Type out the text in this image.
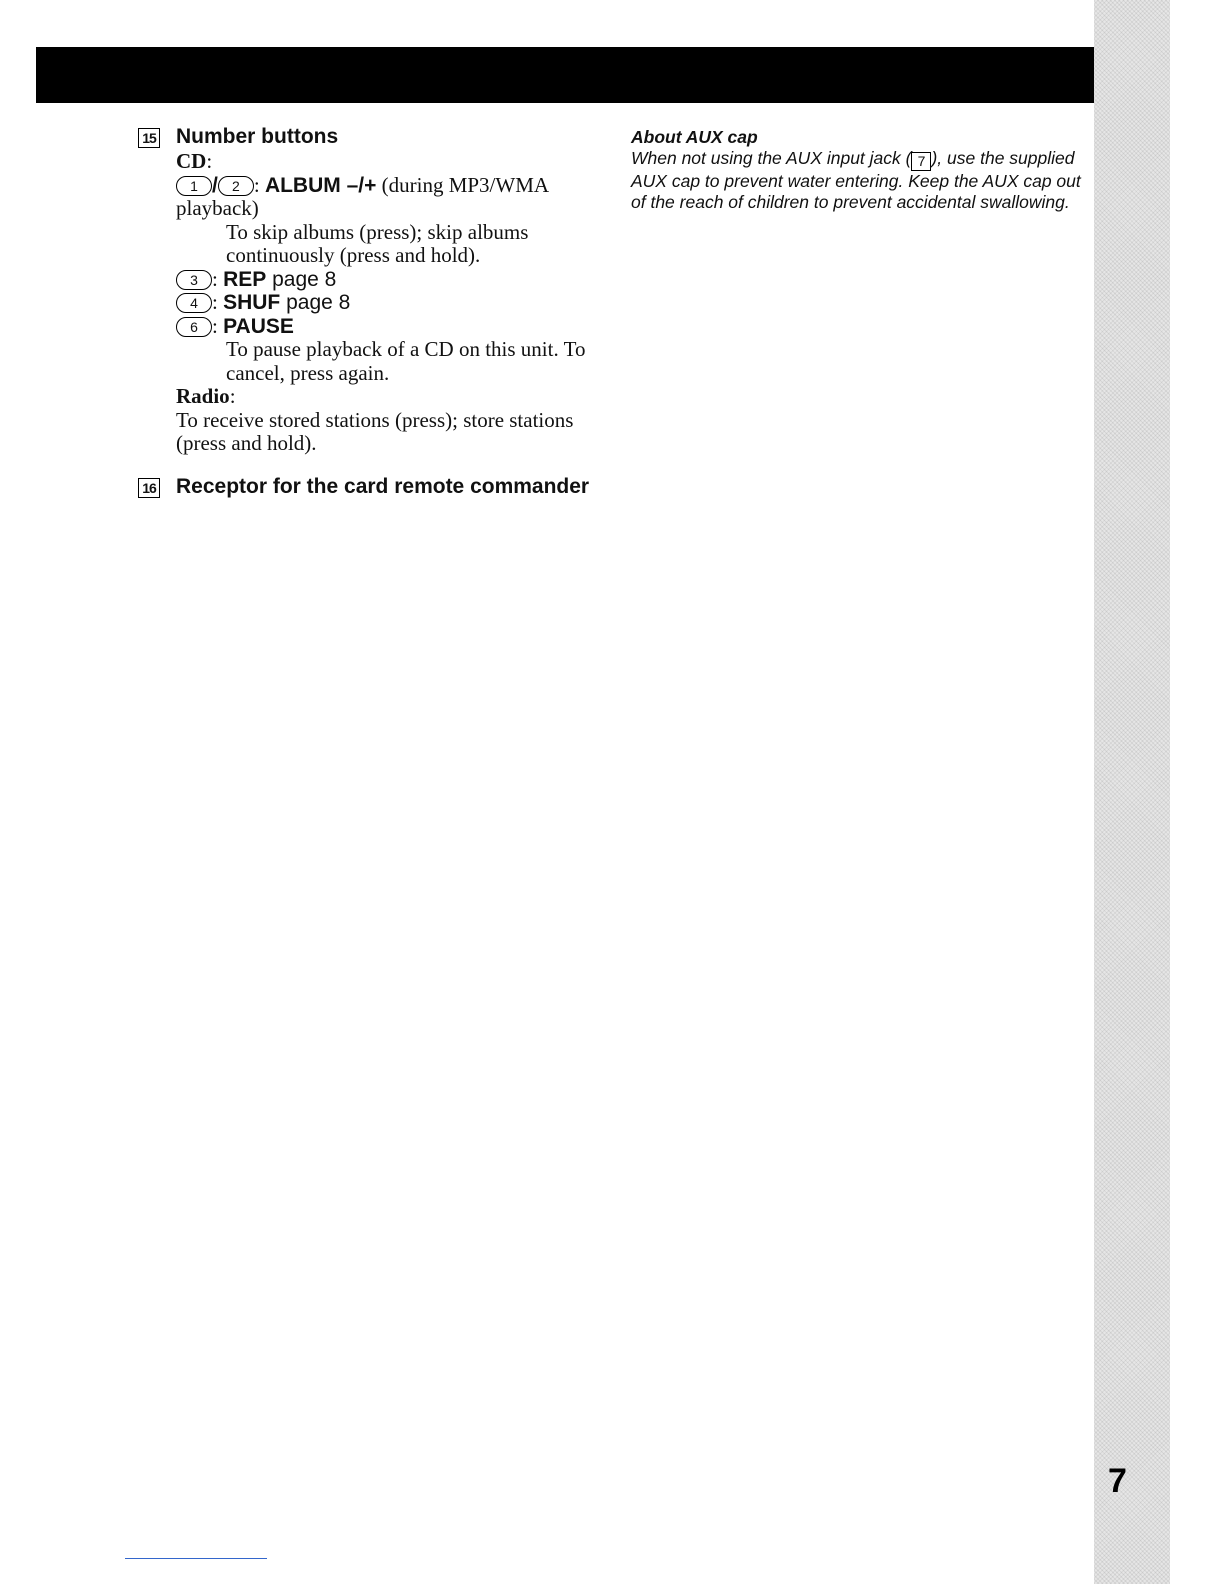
15 Number buttons
CD:
1 / 2 : ALBUM –/+ (during MP3/WMA playback)
To skip albums (press); skip albums continuously (press and hold).
3 : REP page 8
4 : SHUF page 8
6 : PAUSE
To pause playback of a CD on this unit. To cancel, press again.
Radio:
To receive stored stations (press); store stations (press and hold).
16 Receptor for the card remote commander
About AUX cap
When not using the AUX input jack ( 7 ), use the supplied AUX cap to prevent water entering. Keep the AUX cap out of the reach of children to prevent accidental swallowing.
7
